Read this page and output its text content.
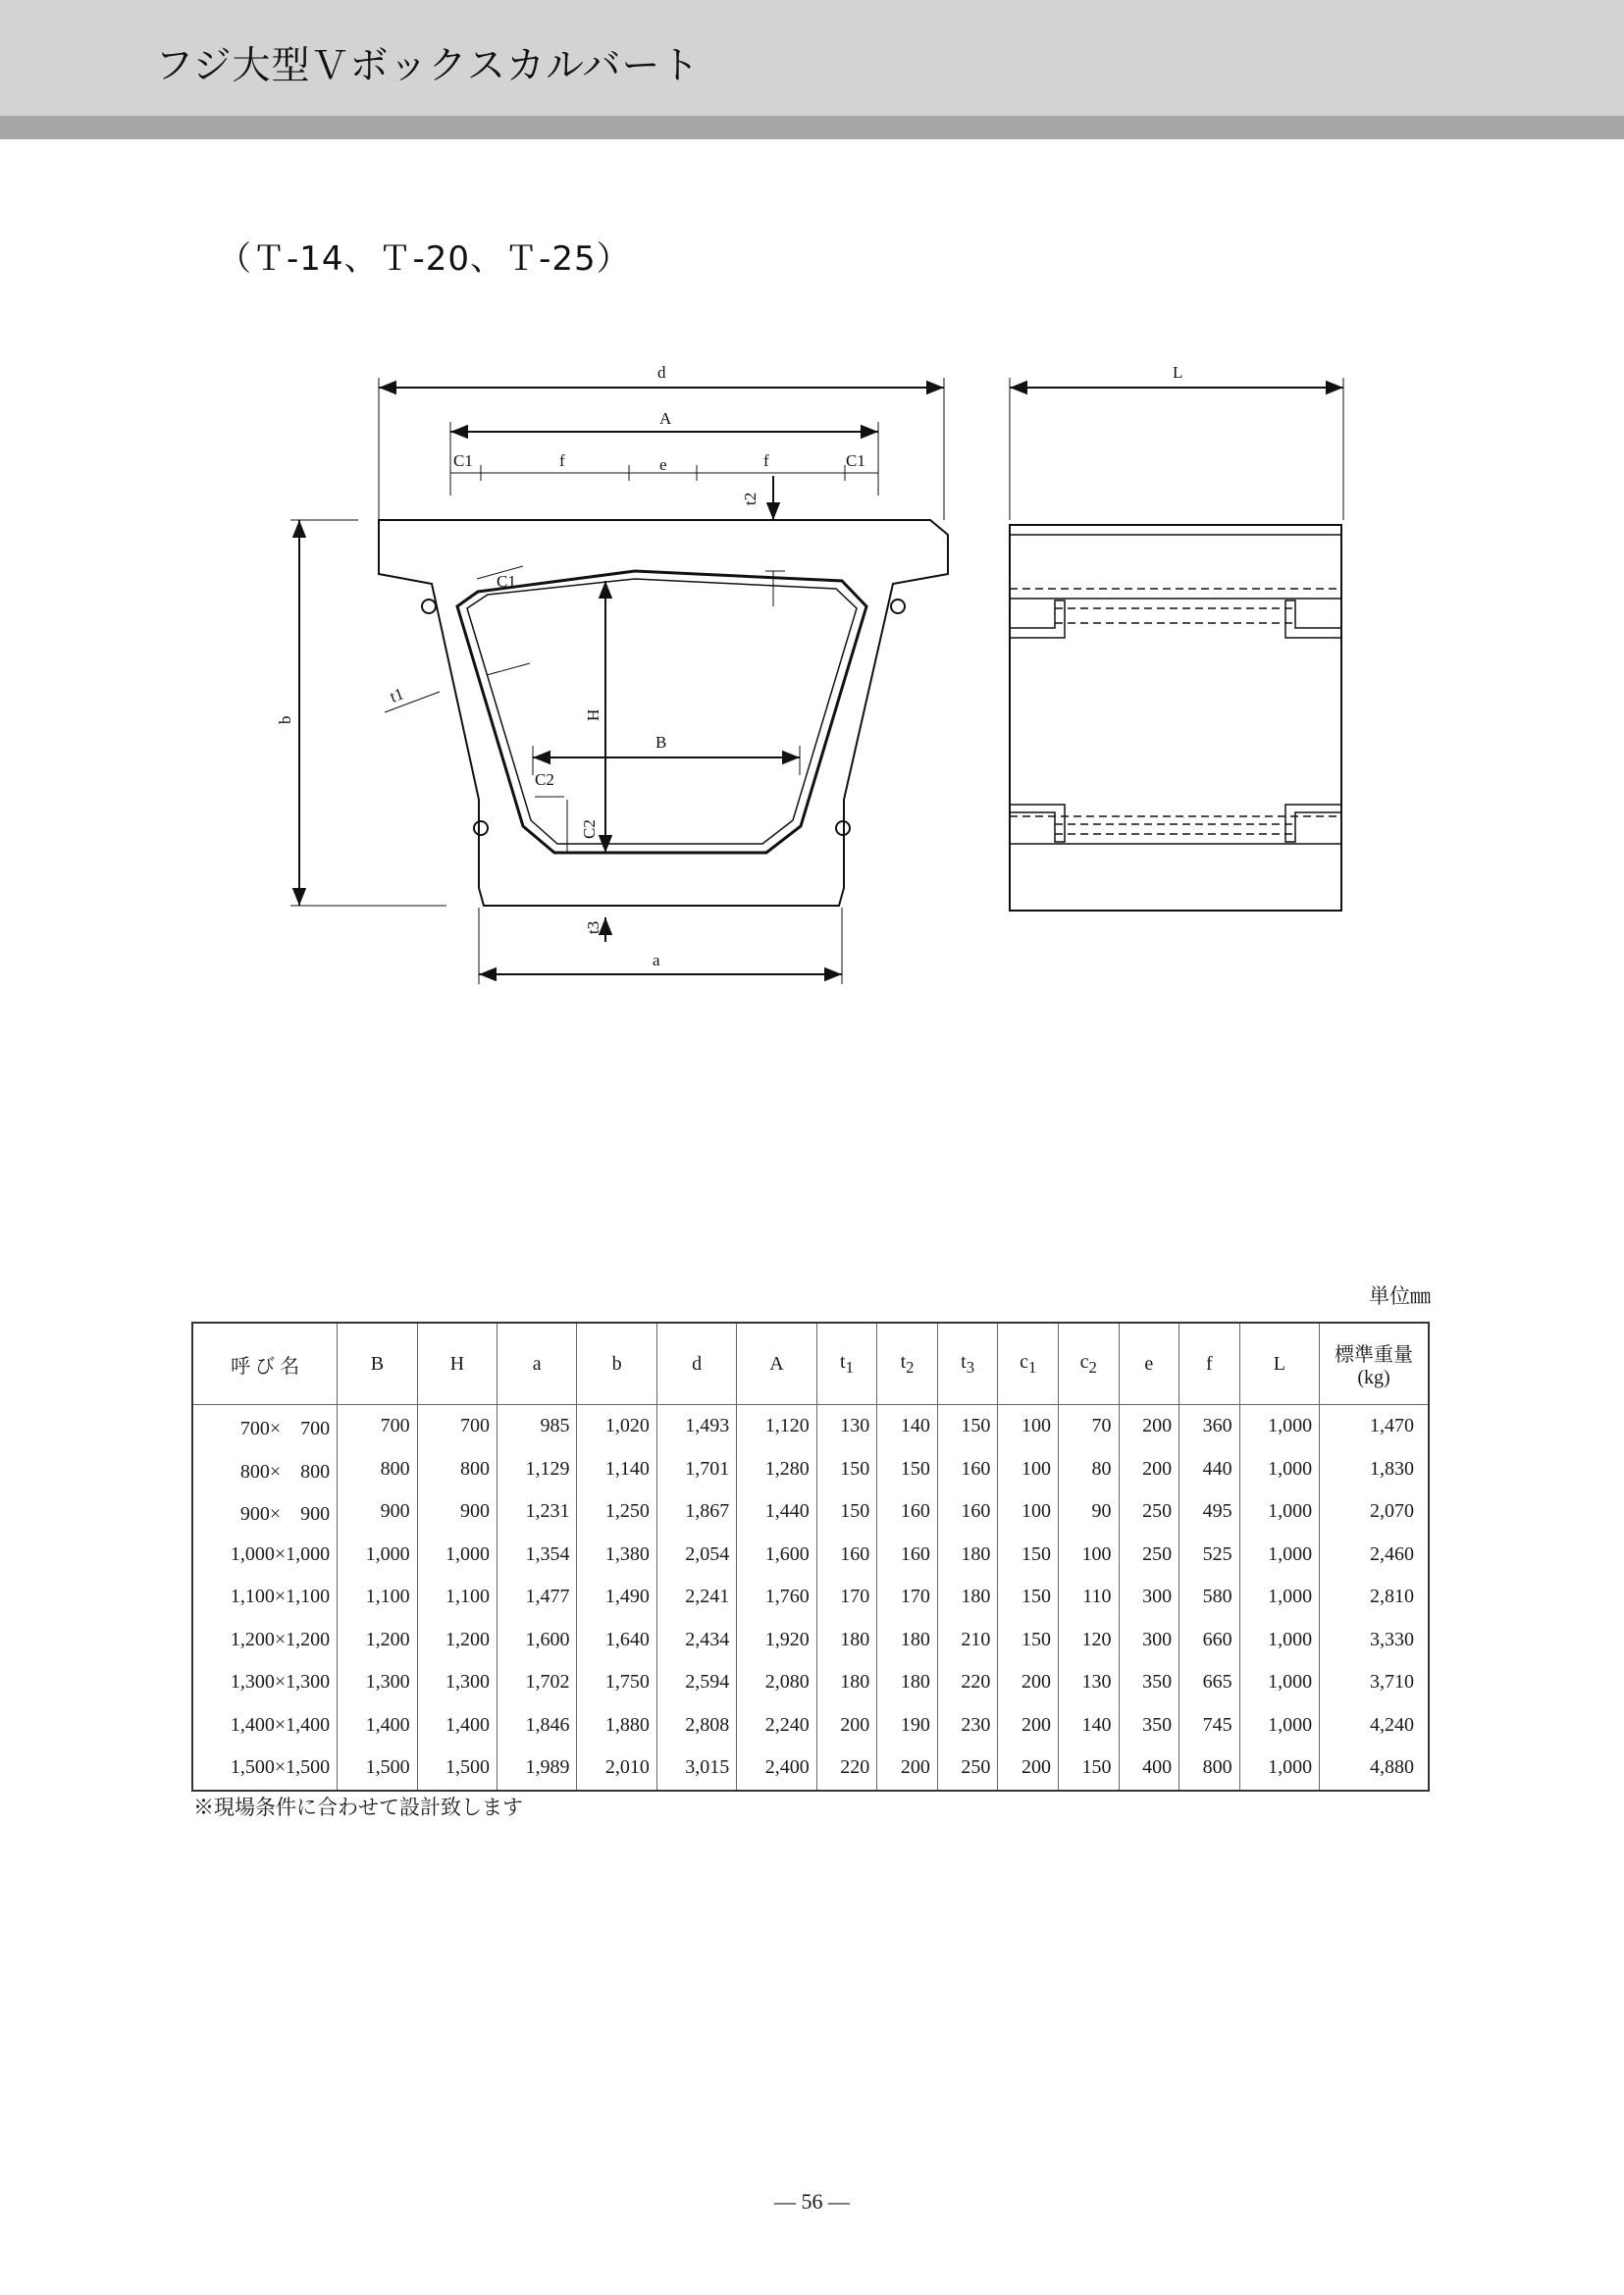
フジ大型Ｖボックスカルバート
（Ｔ-14、Ｔ-20、Ｔ-25）
d
A
C1	f	e	f	C1
t2
b
t1
C1
H
B
C2
C2
t3
a
L
単位㎜
呼 び 名	B	H	a	b	d	A	$t_1$	$t_2$	$t_3$	$c_1$	$c_2$	e	f	L	標準重量
(kg)

700×　700	700	700	985	1,020	1,493	1,120	130	140	150	100	70	200	360	1,000	1,470
800×　800	800	800	1,129	1,140	1,701	1,280	150	150	160	100	80	200	440	1,000	1,830
900×　900	900	900	1,231	1,250	1,867	1,440	150	160	160	100	90	250	495	1,000	2,070
1,000×1,000	1,000	1,000	1,354	1,380	2,054	1,600	160	160	180	150	100	250	525	1,000	2,460
1,100×1,100	1,100	1,100	1,477	1,490	2,241	1,760	170	170	180	150	110	300	580	1,000	2,810
1,200×1,200	1,200	1,200	1,600	1,640	2,434	1,920	180	180	210	150	120	300	660	1,000	3,330
1,300×1,300	1,300	1,300	1,702	1,750	2,594	2,080	180	180	220	200	130	350	665	1,000	3,710
1,400×1,400	1,400	1,400	1,846	1,880	2,808	2,240	200	190	230	200	140	350	745	1,000	4,240
1,500×1,500	1,500	1,500	1,989	2,010	3,015	2,400	220	200	250	200	150	400	800	1,000	4,880
※現場条件に合わせて設計致します
— 56 —
